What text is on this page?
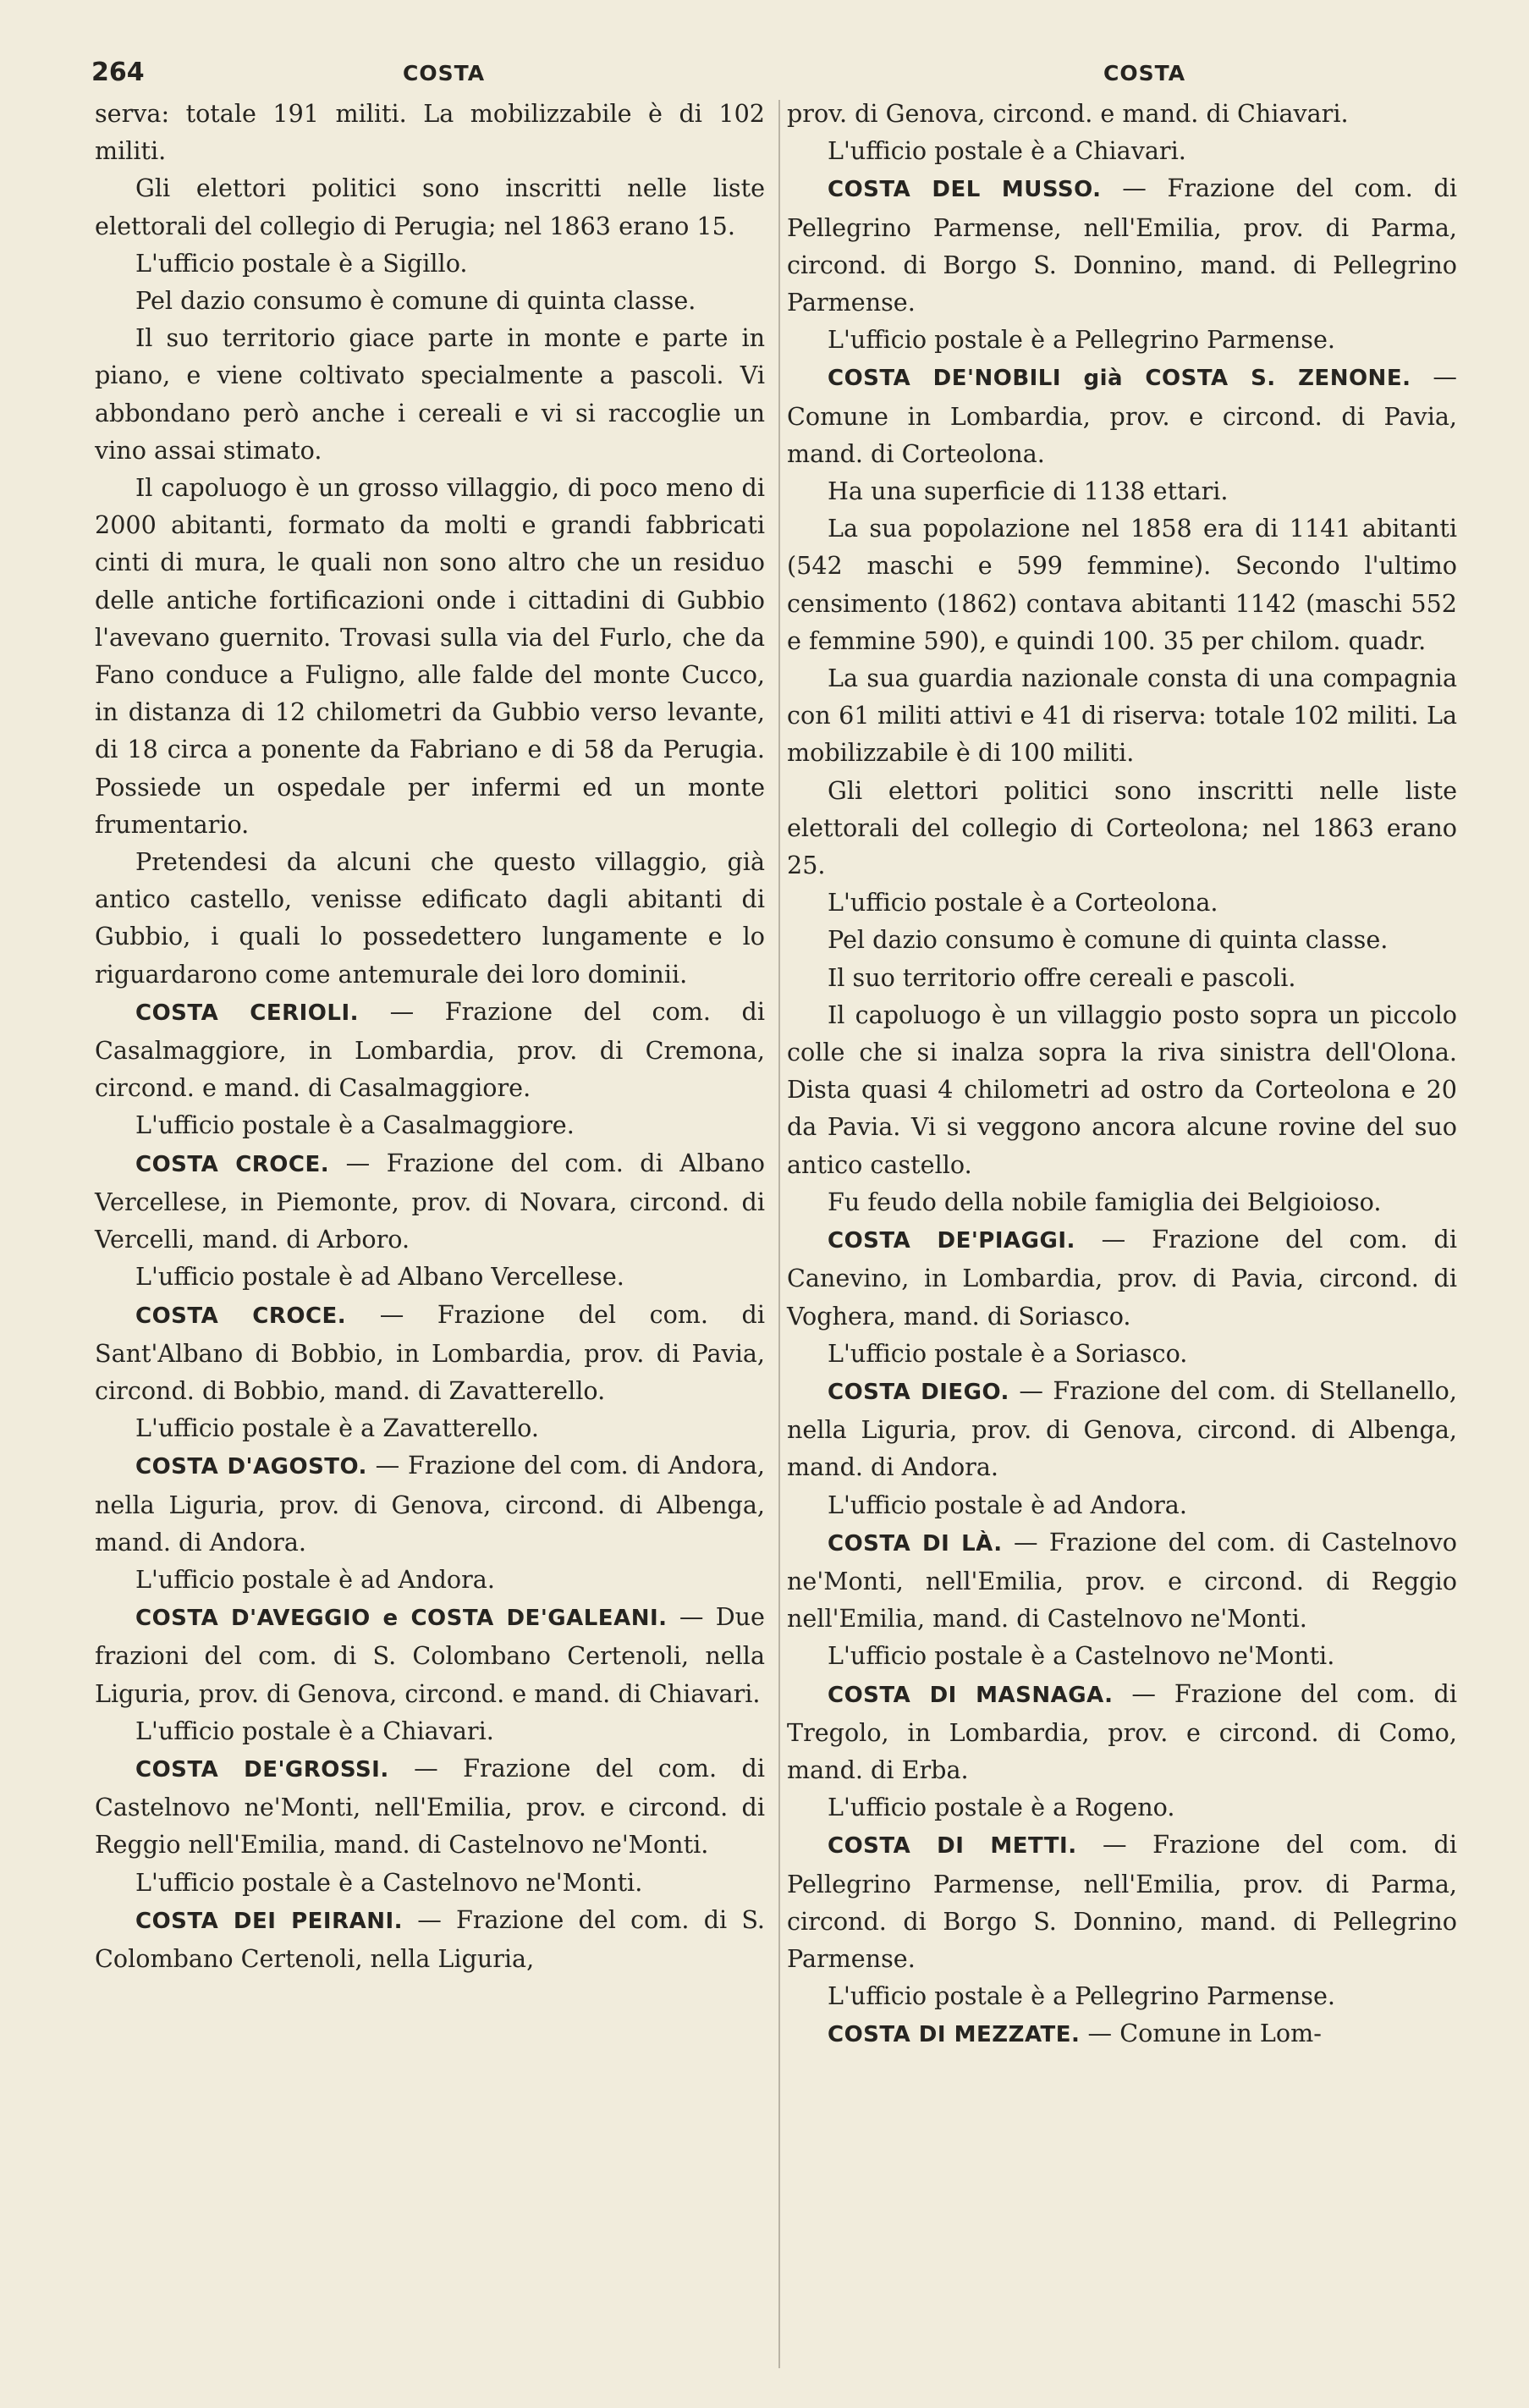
264	COSTA	COSTA

serva: totale 191 militi. La mobilizzabile è di 102 militi.

Gli elettori politici sono inscritti nelle liste elettorali del collegio di Perugia; nel 1863 erano 15.

L'ufficio postale è a Sigillo.

Pel dazio consumo è comune di quinta classe.

Il suo territorio giace parte in monte e parte in piano, e viene coltivato specialmente a pascoli. Vi abbondano però anche i cereali e vi si raccoglie un vino assai stimato.

Il capoluogo è un grosso villaggio, di poco meno di 2000 abitanti, formato da molti e grandi fabbricati cinti di mura, le quali non sono altro che un residuo delle antiche fortificazioni onde i cittadini di Gubbio l'avevano guernito. Trovasi sulla via del Furlo, che da Fano conduce a Fuligno, alle falde del monte Cucco, in distanza di 12 chilometri da Gubbio verso levante, di 18 circa a ponente da Fabriano e di 58 da Perugia. Possiede un ospedale per infermi ed un monte frumentario.

Pretendesi da alcuni che questo villaggio, già antico castello, venisse edificato dagli abitanti di Gubbio, i quali lo possedettero lungamente e lo riguardarono come antemurale dei loro dominii.

COSTA CERIOLI. — Frazione del com. di Casalmaggiore, in Lombardia, prov. di Cremona, circond. e mand. di Casalmaggiore.

L'ufficio postale è a Casalmaggiore.

COSTA CROCE. — Frazione del com. di Albano Vercellese, in Piemonte, prov. di Novara, circond. di Vercelli, mand. di Arboro.

L'ufficio postale è ad Albano Vercellese.

COSTA CROCE. — Frazione del com. di Sant'Albano di Bobbio, in Lombardia, prov. di Pavia, circond. di Bobbio, mand. di Zavatterello.

L'ufficio postale è a Zavatterello.

COSTA D'AGOSTO. — Frazione del com. di Andora, nella Liguria, prov. di Genova, circond. di Albenga, mand. di Andora.

L'ufficio postale è ad Andora.

COSTA D'AVEGGIO e COSTA DE'GALEANI. — Due frazioni del com. di S. Colombano Certenoli, nella Liguria, prov. di Genova, circond. e mand. di Chiavari.

L'ufficio postale è a Chiavari.

COSTA DE'GROSSI. — Frazione del com. di Castelnovo ne'Monti, nell'Emilia, prov. e circond. di Reggio nell'Emilia, mand. di Castelnovo ne'Monti.

L'ufficio postale è a Castelnovo ne'Monti.

COSTA DEI PEIRANI. — Frazione del com. di S. Colombano Certenoli, nella Liguria,

prov. di Genova, circond. e mand. di Chiavari.

L'ufficio postale è a Chiavari.

COSTA DEL MUSSO. — Frazione del com. di Pellegrino Parmense, nell'Emilia, prov. di Parma, circond. di Borgo S. Donnino, mand. di Pellegrino Parmense.

L'ufficio postale è a Pellegrino Parmense.

COSTA DE'NOBILI già COSTA S. ZENONE. — Comune in Lombardia, prov. e circond. di Pavia, mand. di Corteolona.

Ha una superficie di 1138 ettari.

La sua popolazione nel 1858 era di 1141 abitanti (542 maschi e 599 femmine). Secondo l'ultimo censimento (1862) contava abitanti 1142 (maschi 552 e femmine 590), e quindi 100. 35 per chilom. quadr.

La sua guardia nazionale consta di una compagnia con 61 militi attivi e 41 di riserva: totale 102 militi. La mobilizzabile è di 100 militi.

Gli elettori politici sono inscritti nelle liste elettorali del collegio di Corteolona; nel 1863 erano 25.

L'ufficio postale è a Corteolona.

Pel dazio consumo è comune di quinta classe.

Il suo territorio offre cereali e pascoli.

Il capoluogo è un villaggio posto sopra un piccolo colle che si inalza sopra la riva sinistra dell'Olona. Dista quasi 4 chilometri ad ostro da Corteolona e 20 da Pavia. Vi si veggono ancora alcune rovine del suo antico castello.

Fu feudo della nobile famiglia dei Belgioioso.

COSTA DE'PIAGGI. — Frazione del com. di Canevino, in Lombardia, prov. di Pavia, circond. di Voghera, mand. di Soriasco.

L'ufficio postale è a Soriasco.

COSTA DIEGO. — Frazione del com. di Stellanello, nella Liguria, prov. di Genova, circond. di Albenga, mand. di Andora.

L'ufficio postale è ad Andora.

COSTA DI LÀ. — Frazione del com. di Castelnovo ne'Monti, nell'Emilia, prov. e circond. di Reggio nell'Emilia, mand. di Castelnovo ne'Monti.

L'ufficio postale è a Castelnovo ne'Monti.

COSTA DI MASNAGA. — Frazione del com. di Tregolo, in Lombardia, prov. e circond. di Como, mand. di Erba.

L'ufficio postale è a Rogeno.

COSTA DI METTI. — Frazione del com. di Pellegrino Parmense, nell'Emilia, prov. di Parma, circond. di Borgo S. Donnino, mand. di Pellegrino Parmense.

L'ufficio postale è a Pellegrino Parmense.

COSTA DI MEZZATE. — Comune in Lom-
